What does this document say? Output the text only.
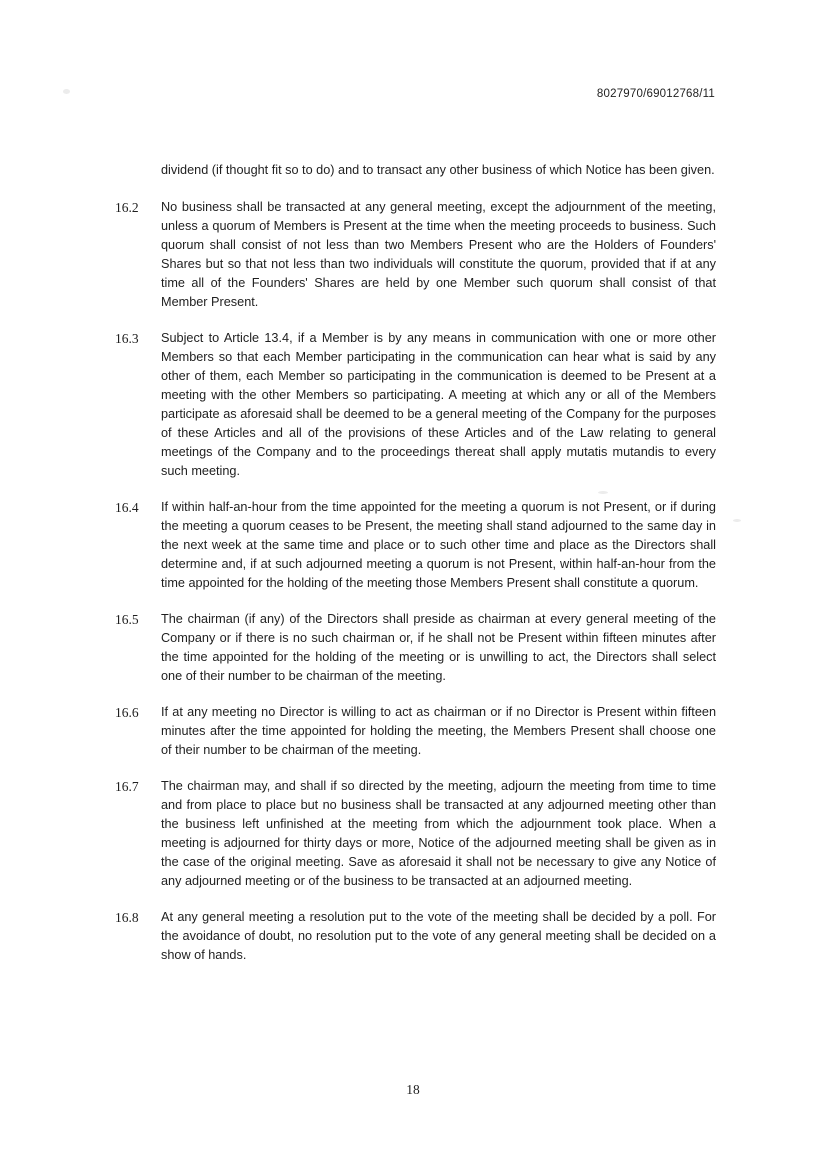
8027970/69012768/11

dividend (if thought fit so to do) and to transact any other business of which Notice has been given.

16.2	No business shall be transacted at any general meeting, except the adjournment of the meeting, unless a quorum of Members is Present at the time when the meeting proceeds to business. Such quorum shall consist of not less than two Members Present who are the Holders of Founders' Shares but so that not less than two individuals will constitute the quorum, provided that if at any time all of the Founders' Shares are held by one Member such quorum shall consist of that Member Present.

16.3	Subject to Article 13.4, if a Member is by any means in communication with one or more other Members so that each Member participating in the communication can hear what is said by any other of them, each Member so participating in the communication is deemed to be Present at a meeting with the other Members so participating. A meeting at which any or all of the Members participate as aforesaid shall be deemed to be a general meeting of the Company for the purposes of these Articles and all of the provisions of these Articles and of the Law relating to general meetings of the Company and to the proceedings thereat shall apply mutatis mutandis to every such meeting.

16.4	If within half-an-hour from the time appointed for the meeting a quorum is not Present, or if during the meeting a quorum ceases to be Present, the meeting shall stand adjourned to the same day in the next week at the same time and place or to such other time and place as the Directors shall determine and, if at such adjourned meeting a quorum is not Present, within half-an-hour from the time appointed for the holding of the meeting those Members Present shall constitute a quorum.

16.5	The chairman (if any) of the Directors shall preside as chairman at every general meeting of the Company or if there is no such chairman or, if he shall not be Present within fifteen minutes after the time appointed for the holding of the meeting or is unwilling to act, the Directors shall select one of their number to be chairman of the meeting.

16.6	If at any meeting no Director is willing to act as chairman or if no Director is Present within fifteen minutes after the time appointed for holding the meeting, the Members Present shall choose one of their number to be chairman of the meeting.

16.7	The chairman may, and shall if so directed by the meeting, adjourn the meeting from time to time and from place to place but no business shall be transacted at any adjourned meeting other than the business left unfinished at the meeting from which the adjournment took place. When a meeting is adjourned for thirty days or more, Notice of the adjourned meeting shall be given as in the case of the original meeting. Save as aforesaid it shall not be necessary to give any Notice of any adjourned meeting or of the business to be transacted at an adjourned meeting.

16.8	At any general meeting a resolution put to the vote of the meeting shall be decided by a poll. For the avoidance of doubt, no resolution put to the vote of any general meeting shall be decided on a show of hands.

18
